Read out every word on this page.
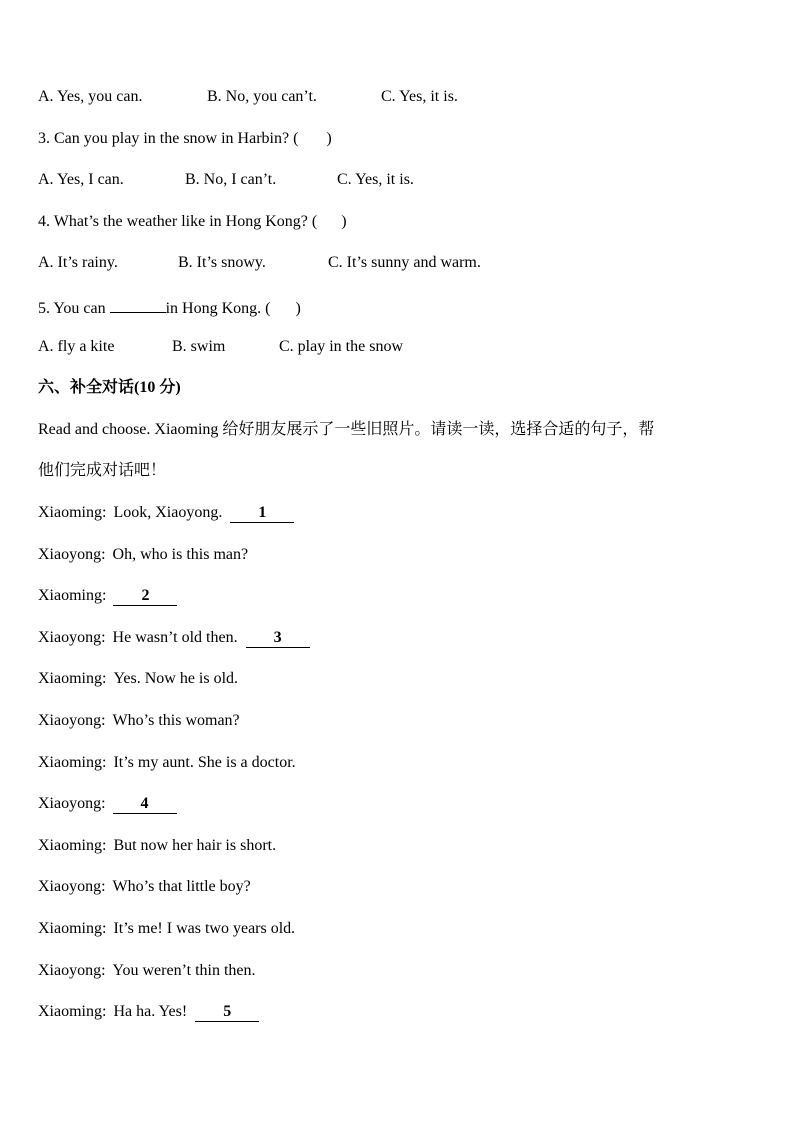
A. Yes, you can.	B. No, you can’t.	C. Yes, it is.
3. Can you play in the snow in Harbin? ( )
A. Yes, I can.	B. No, I can’t.	C. Yes, it is.
4. What’s the weather like in Hong Kong? ( )
A. It’s rainy.	B. It’s snowy.	C. It’s sunny and warm.
5. You can	in Hong Kong. ( )
A. fly a kite	B. swim	C. play in the snow
六、补全对话(10 分)
Read and choose. Xiaoming 给好朋友展示了一些旧照片。请读一读，选择合适的句子，帮
他们完成对话吧！
Xiaoming: Look, Xiaoyong. 1
Xiaoyong: Oh, who is this man?
Xiaoming: 2
Xiaoyong: He wasn’t old then. 3
Xiaoming: Yes. Now he is old.
Xiaoyong: Who’s this woman?
Xiaoming: It’s my aunt. She is a doctor.
Xiaoyong: 4
Xiaoming: But now her hair is short.
Xiaoyong: Who’s that little boy?
Xiaoming: It’s me! I was two years old.
Xiaoyong: You weren’t thin then.
Xiaoming: Ha ha. Yes! 5
